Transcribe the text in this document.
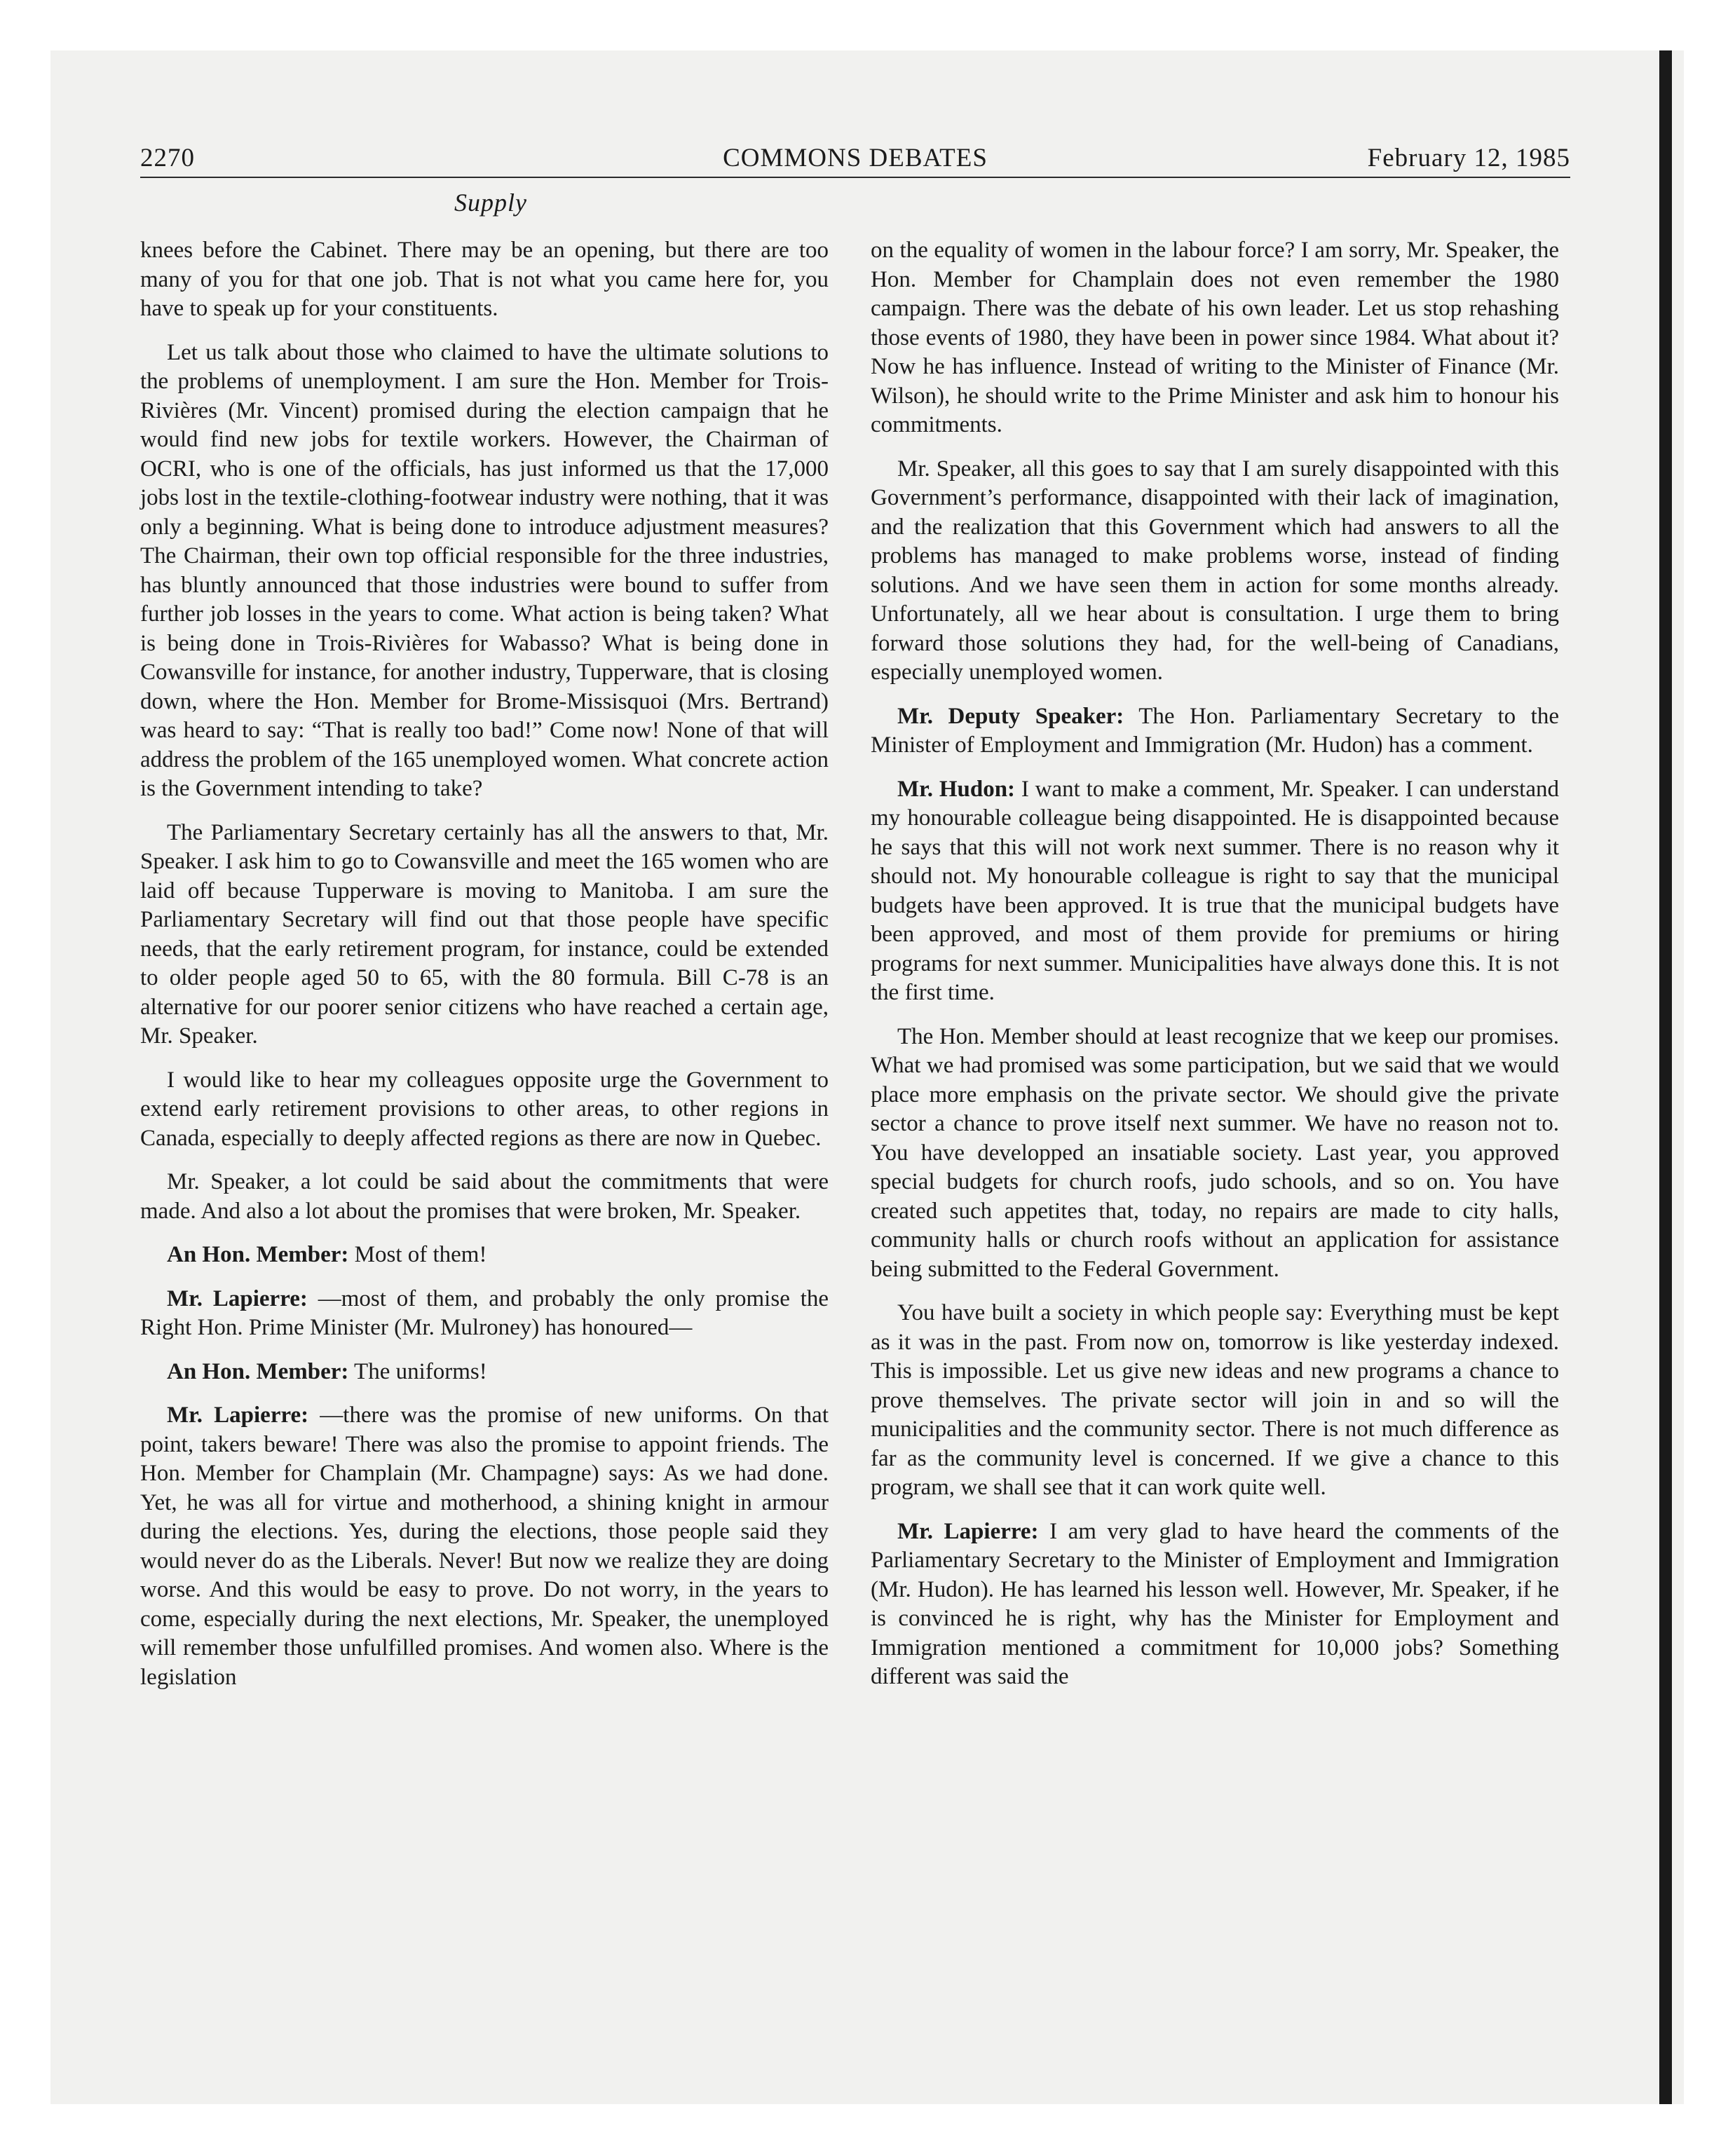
COMMONS DEBATES
2270	February 12, 1985
Supply

knees before the Cabinet. There may be an opening, but there are too many of you for that one job. That is not what you came here for, you have to speak up for your constituents.

Let us talk about those who claimed to have the ultimate solutions to the problems of unemployment. I am sure the Hon. Member for Trois-Rivières (Mr. Vincent) promised during the election campaign that he would find new jobs for textile workers. However, the Chairman of OCRI, who is one of the officials, has just informed us that the 17,000 jobs lost in the textile-clothing-footwear industry were nothing, that it was only a beginning. What is being done to introduce adjustment measures? The Chairman, their own top official responsible for the three industries, has bluntly announced that those industries were bound to suffer from further job losses in the years to come. What action is being taken? What is being done in Trois-Rivières for Wabasso? What is being done in Cowansville for instance, for another industry, Tupperware, that is closing down, where the Hon. Member for Brome-Missisquoi (Mrs. Bertrand) was heard to say: “That is really too bad!” Come now! None of that will address the problem of the 165 unemployed women. What concrete action is the Government intending to take?

The Parliamentary Secretary certainly has all the answers to that, Mr. Speaker. I ask him to go to Cowansville and meet the 165 women who are laid off because Tupperware is moving to Manitoba. I am sure the Parliamentary Secretary will find out that those people have specific needs, that the early retirement program, for instance, could be extended to older people aged 50 to 65, with the 80 formula. Bill C-78 is an alternative for our poorer senior citizens who have reached a certain age, Mr. Speaker.

I would like to hear my colleagues opposite urge the Government to extend early retirement provisions to other areas, to other regions in Canada, especially to deeply affected regions as there are now in Quebec.

Mr. Speaker, a lot could be said about the commitments that were made. And also a lot about the promises that were broken, Mr. Speaker.

An Hon. Member: Most of them!

Mr. Lapierre: —most of them, and probably the only promise the Right Hon. Prime Minister (Mr. Mulroney) has honoured—

An Hon. Member: The uniforms!

Mr. Lapierre: —there was the promise of new uniforms. On that point, takers beware! There was also the promise to appoint friends. The Hon. Member for Champlain (Mr. Champagne) says: As we had done. Yet, he was all for virtue and motherhood, a shining knight in armour during the elections. Yes, during the elections, those people said they would never do as the Liberals. Never! But now we realize they are doing worse. And this would be easy to prove. Do not worry, in the years to come, especially during the next elections, Mr. Speaker, the unemployed will remember those unfulfilled promises. And women also. Where is the legislation

on the equality of women in the labour force? I am sorry, Mr. Speaker, the Hon. Member for Champlain does not even remember the 1980 campaign. There was the debate of his own leader. Let us stop rehashing those events of 1980, they have been in power since 1984. What about it? Now he has influence. Instead of writing to the Minister of Finance (Mr. Wilson), he should write to the Prime Minister and ask him to honour his commitments.

Mr. Speaker, all this goes to say that I am surely disappointed with this Government’s performance, disappointed with their lack of imagination, and the realization that this Government which had answers to all the problems has managed to make problems worse, instead of finding solutions. And we have seen them in action for some months already. Unfortunately, all we hear about is consultation. I urge them to bring forward those solutions they had, for the well-being of Canadians, especially unemployed women.

Mr. Deputy Speaker: The Hon. Parliamentary Secretary to the Minister of Employment and Immigration (Mr. Hudon) has a comment.

Mr. Hudon: I want to make a comment, Mr. Speaker. I can understand my honourable colleague being disappointed. He is disappointed because he says that this will not work next summer. There is no reason why it should not. My honourable colleague is right to say that the municipal budgets have been approved. It is true that the municipal budgets have been approved, and most of them provide for premiums or hiring programs for next summer. Municipalities have always done this. It is not the first time.

The Hon. Member should at least recognize that we keep our promises. What we had promised was some participation, but we said that we would place more emphasis on the private sector. We should give the private sector a chance to prove itself next summer. We have no reason not to. You have developped an insatiable society. Last year, you approved special budgets for church roofs, judo schools, and so on. You have created such appetites that, today, no repairs are made to city halls, community halls or church roofs without an application for assistance being submitted to the Federal Government.

You have built a society in which people say: Everything must be kept as it was in the past. From now on, tomorrow is like yesterday indexed. This is impossible. Let us give new ideas and new programs a chance to prove themselves. The private sector will join in and so will the municipalities and the community sector. There is not much difference as far as the community level is concerned. If we give a chance to this program, we shall see that it can work quite well.

Mr. Lapierre: I am very glad to have heard the comments of the Parliamentary Secretary to the Minister of Employment and Immigration (Mr. Hudon). He has learned his lesson well. However, Mr. Speaker, if he is convinced he is right, why has the Minister for Employment and Immigration mentioned a commitment for 10,000 jobs? Something different was said the
